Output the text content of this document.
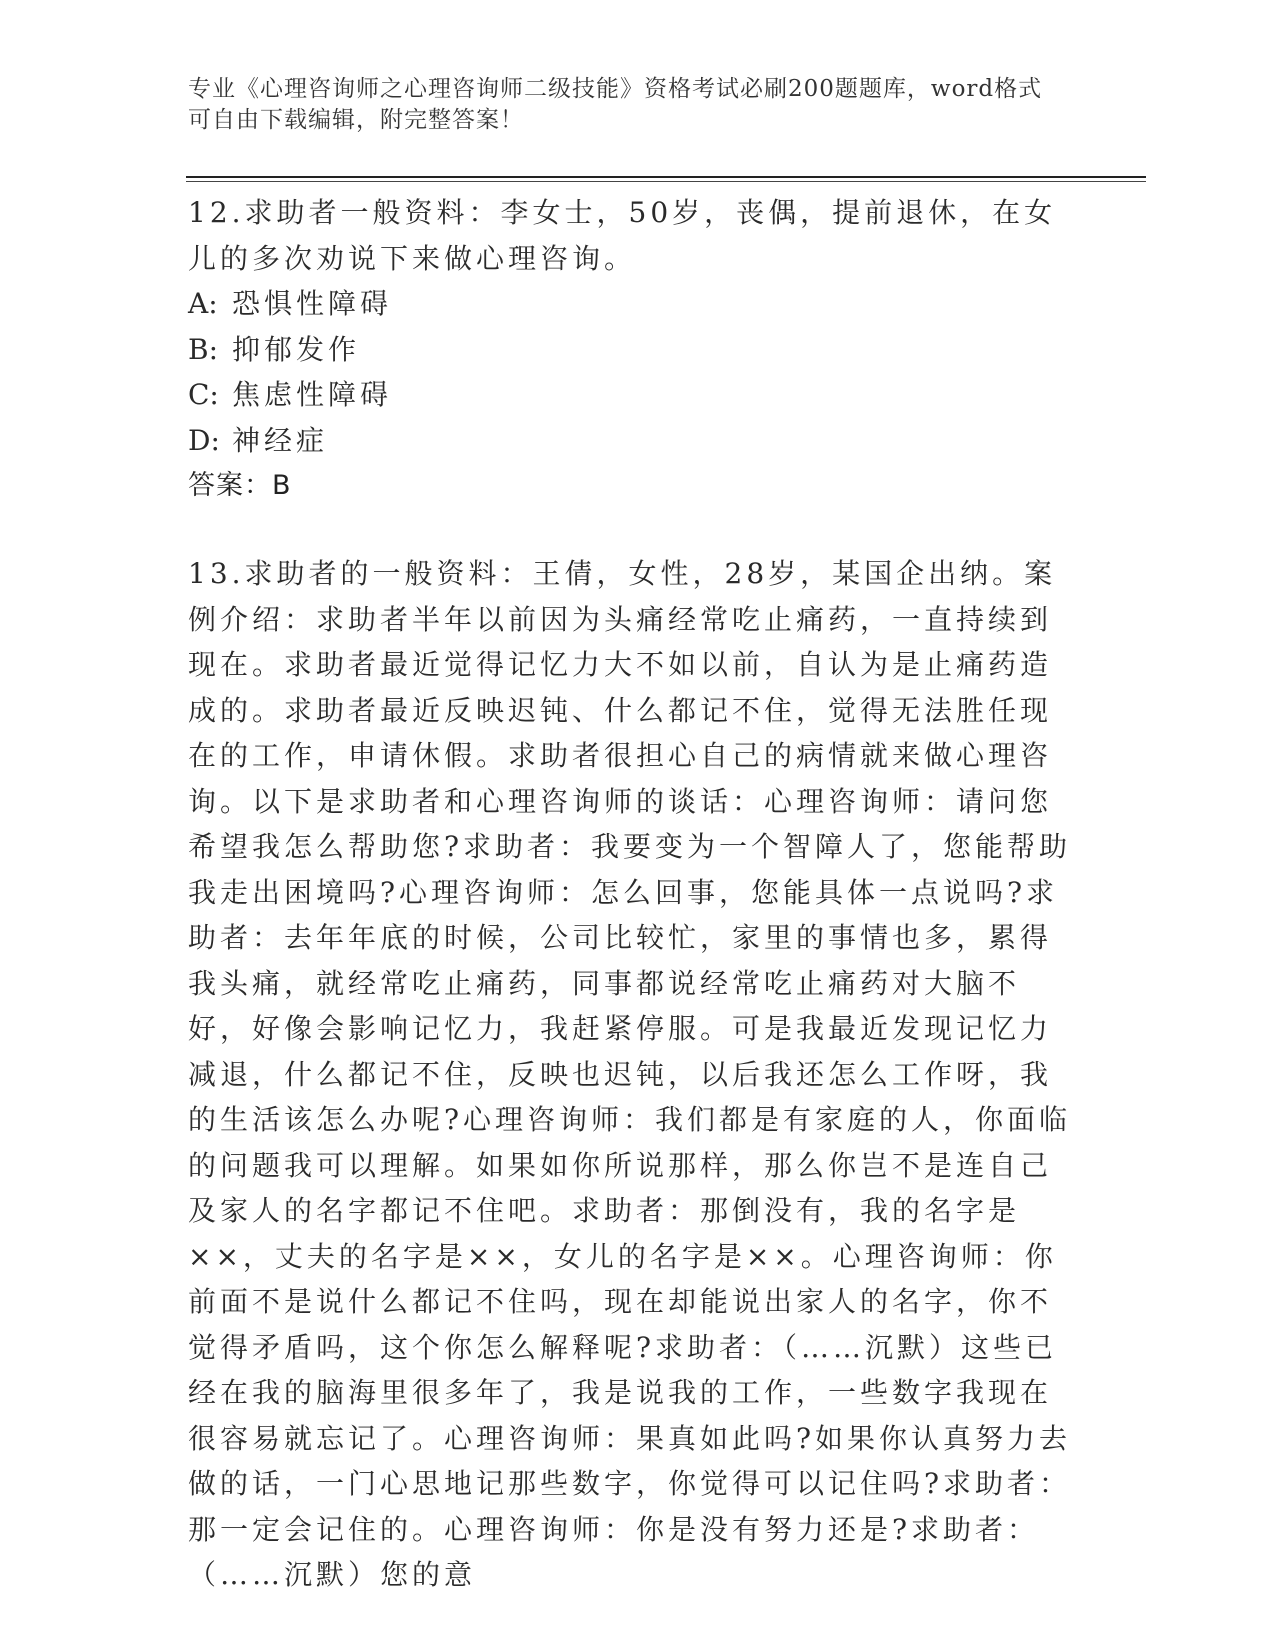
专业《心理咨询师之心理咨询师二级技能》资格考试必刷200题题库，word格式
可自由下载编辑，附完整答案！

12.求助者一般资料：李女士，50岁，丧偶，提前退休，在女儿的多次劝说下来做心理咨询。

A: 恐惧性障碍
B: 抑郁发作
C: 焦虑性障碍
D: 神经症

答案：B

13.求助者的一般资料：王倩，女性，28岁，某国企出纳。案例介绍：求助者半年以前因为头痛经常吃止痛药，一直持续到现在。求助者最近觉得记忆力大不如以前，自认为是止痛药造成的。求助者最近反映迟钝、什么都记不住，觉得无法胜任现在的工作，申请休假。求助者很担心自己的病情就来做心理咨询。以下是求助者和心理咨询师的谈话：心理咨询师：请问您希望我怎么帮助您?求助者：我要变为一个智障人了，您能帮助我走出困境吗?心理咨询师：怎么回事，您能具体一点说吗?求助者：去年年底的时候，公司比较忙，家里的事情也多，累得我头痛，就经常吃止痛药，同事都说经常吃止痛药对大脑不好，好像会影响记忆力，我赶紧停服。可是我最近发现记忆力减退，什么都记不住，反映也迟钝，以后我还怎么工作呀，我的生活该怎么办呢?心理咨询师：我们都是有家庭的人，你面临的问题我可以理解。如果如你所说那样，那么你岂不是连自己及家人的名字都记不住吧。求助者：那倒没有，我的名字是××，丈夫的名字是××，女儿的名字是××。心理咨询师：你前面不是说什么都记不住吗，现在却能说出家人的名字，你不觉得矛盾吗，这个你怎么解释呢?求助者：（……沉默）这些已经在我的脑海里很多年了，我是说我的工作，一些数字我现在很容易就忘记了。心理咨询师：果真如此吗?如果你认真努力去做的话，一门心思地记那些数字，你觉得可以记住吗?求助者：那一定会记住的。心理咨询师：你是没有努力还是?求助者：（……沉默）您的意
